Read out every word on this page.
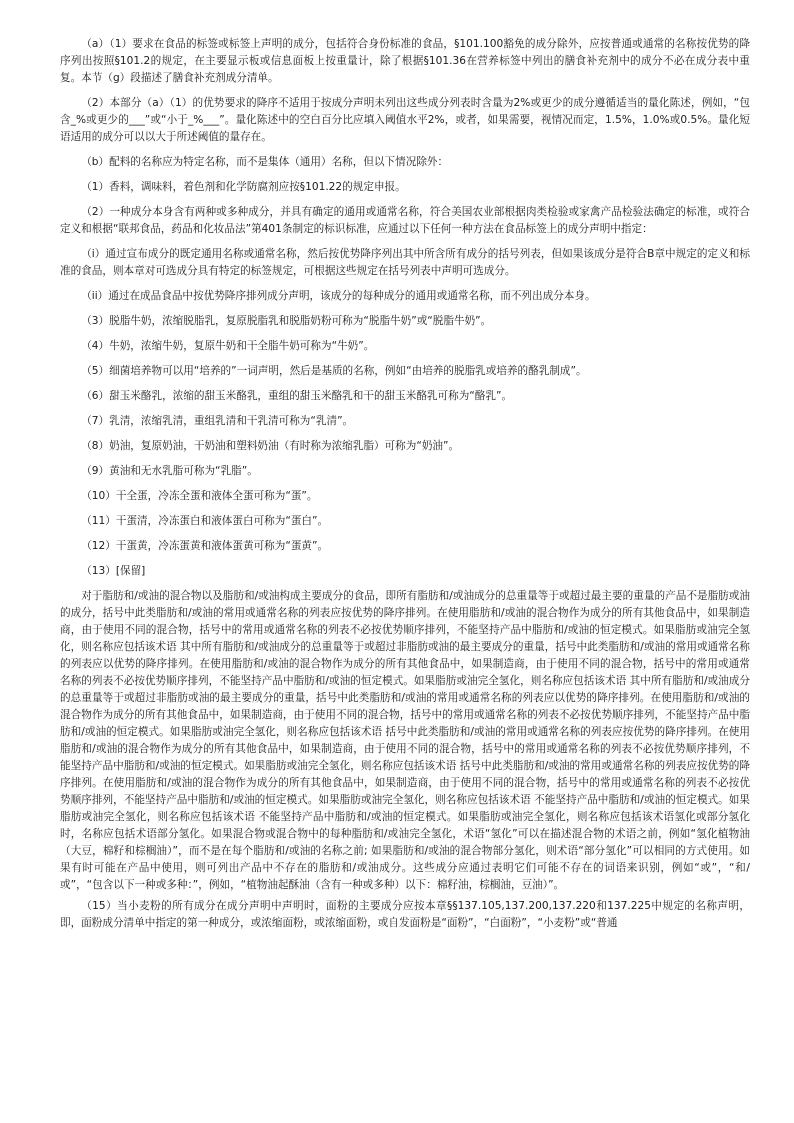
（a）（1）要求在食品的标签或标签上声明的成分，包括符合身份标准的食品，§101.100豁免的成分除外，应按普通或通常的名称按优势的降序列出按照§101.2的规定，在主要显示板或信息面板上按重量计，除了根据§101.36在营养标签中列出的膳食补充剂中的成分不必在成分表中重复。本节（g）段描述了膳食补充剂成分清单。

（2）本部分（a）（1）的优势要求的降序不适用于按成分声明未列出这些成分列表时含量为2%或更少的成分遵循适当的量化陈述，例如，“包含_%或更少的___”或“小于_%___”。量化陈述中的空白百分比应填入阈值水平2%，或者，如果需要，视情况而定，1.5%，1.0%或0.5%。量化短语适用的成分可以以大于所述阈值的量存在。

（b）配料的名称应为特定名称，而不是集体（通用）名称，但以下情况除外：

（1）香料，调味料，着色剂和化学防腐剂应按§101.22的规定申报。

（2）一种成分本身含有两种或多种成分，并具有确定的通用或通常名称，符合美国农业部根据肉类检验或家禽产品检验法确定的标准，或符合定义和根据“联邦食品，药品和化妆品法”第401条制定的标识标准，应通过以下任何一种方法在食品标签上的成分声明中指定：

（i）通过宣布成分的既定通用名称或通常名称，然后按优势降序列出其中所含所有成分的括号列表，但如果该成分是符合B章中规定的定义和标准的食品，则本章对可选成分具有特定的标签规定，可根据这些规定在括号列表中声明可选成分。

（ii）通过在成品食品中按优势降序排列成分声明，该成分的每种成分的通用或通常名称，而不列出成分本身。

（3）脱脂牛奶，浓缩脱脂乳，复原脱脂乳和脱脂奶粉可称为“脱脂牛奶”或“脱脂牛奶”。

（4）牛奶，浓缩牛奶，复原牛奶和干全脂牛奶可称为“牛奶”。

（5）细菌培养物可以用“培养的”一词声明，然后是基质的名称，例如“由培养的脱脂乳或培养的酪乳制成”。

（6）甜玉米酪乳，浓缩的甜玉米酪乳，重组的甜玉米酪乳和干的甜玉米酪乳可称为“酪乳”。

（7）乳清，浓缩乳清，重组乳清和干乳清可称为“乳清”。

（8）奶油，复原奶油，干奶油和塑料奶油（有时称为浓缩乳脂）可称为“奶油”。

（9）黄油和无水乳脂可称为“乳脂”。

（10）干全蛋，冷冻全蛋和液体全蛋可称为“蛋”。

（11）干蛋清，冷冻蛋白和液体蛋白可称为“蛋白”。

（12）干蛋黄，冷冻蛋黄和液体蛋黄可称为“蛋黄”。

（13）[保留]

对于脂肪和/或油的混合物以及脂肪和/或油构成主要成分的食品，即所有脂肪和/或油成分的总重量等于或超过最主要的重量的产品不是脂肪或油的成分，括号中此类脂肪和/或油的常用或通常名称的列表应按优势的降序排列。在使用脂肪和/或油的混合物作为成分的所有其他食品中，如果制造商，由于使用不同的混合物，括号中的常用或通常名称的列表不必按优势顺序排列，不能坚持产品中脂肪和/或油的恒定模式。如果脂肪或油完全氢化，则名称应包括该术语 其中所有脂肪和/或油成分的总重量等于或超过非脂肪或油的最主要成分的重量，括号中此类脂肪和/或油的常用或通常名称的列表应以优势的降序排列。在使用脂肪和/或油的混合物作为成分的所有其他食品中，如果制造商，由于使用不同的混合物，括号中的常用或通常名称的列表不必按优势顺序排列，不能坚持产品中脂肪和/或油的恒定模式。如果脂肪或油完全氢化，则名称应包括该术语 其中所有脂肪和/或油成分的总重量等于或超过非脂肪或油的最主要成分的重量，括号中此类脂肪和/或油的常用或通常名称的列表应以优势的降序排列。在使用脂肪和/或油的混合物作为成分的所有其他食品中，如果制造商，由于使用不同的混合物，括号中的常用或通常名称的列表不必按优势顺序排列，不能坚持产品中脂肪和/或油的恒定模式。如果脂肪或油完全氢化，则名称应包括该术语 括号中此类脂肪和/或油的常用或通常名称的列表应按优势的降序排列。在使用脂肪和/或油的混合物作为成分的所有其他食品中，如果制造商，由于使用不同的混合物，括号中的常用或通常名称的列表不必按优势顺序排列，不能坚持产品中脂肪和/或油的恒定模式。如果脂肪或油完全氢化，则名称应包括该术语 括号中此类脂肪和/或油的常用或通常名称的列表应按优势的降序排列。在使用脂肪和/或油的混合物作为成分的所有其他食品中，如果制造商，由于使用不同的混合物，括号中的常用或通常名称的列表不必按优势顺序排列，不能坚持产品中脂肪和/或油的恒定模式。如果脂肪或油完全氢化，则名称应包括该术语 不能坚持产品中脂肪和/或油的恒定模式。如果脂肪或油完全氢化，则名称应包括该术语 不能坚持产品中脂肪和/或油的恒定模式。如果脂肪或油完全氢化，则名称应包括该术语氢化或部分氢化时，名称应包括术语部分氢化。如果混合物或混合物中的每种脂肪和/或油完全氢化，术语“氢化”可以在描述混合物的术语之前，例如“氢化植物油（大豆，棉籽和棕榈油）”，而不是在每个脂肪和/或油的名称之前; 如果脂肪和/或油的混合物部分氢化，则术语“部分氢化”可以相同的方式使用。如果有时可能在产品中使用，则可列出产品中不存在的脂肪和/或油成分。这些成分应通过表明它们可能不存在的词语来识别，例如“或”，“和/或”，“包含以下一种或多种：”，例如，“植物油起酥油（含有一种或多种）以下：棉籽油，棕榈油，豆油）”。

（15）当小麦粉的所有成分在成分声明中声明时，面粉的主要成分应按本章§§137.105,137.200,137.220和137.225中规定的名称声明，即，面粉成分清单中指定的第一种成分，或浓缩面粉，或浓缩面粉，或自发面粉是“面粉”，“白面粉”，“小麦粉”或“普通
